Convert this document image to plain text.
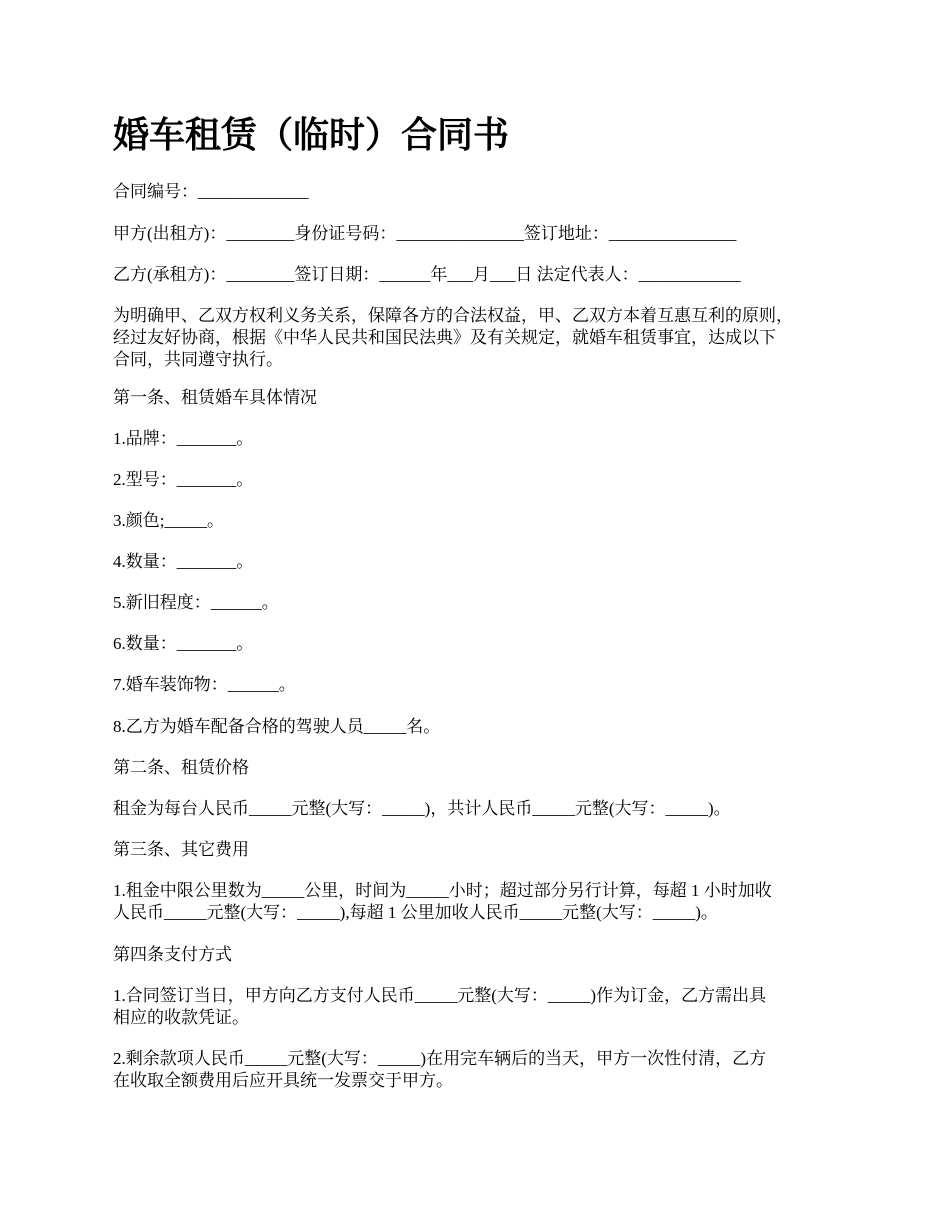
婚车租赁（临时）合同书

合同编号：_____________

甲方(出租方)：________身份证号码：_______________签订地址：_______________

乙方(承租方)：________签订日期：______年___月___日 法定代表人：____________

为明确甲、乙双方权利义务关系，保障各方的合法权益，甲、乙双方本着互惠互利的原则，

经过友好协商，根据《中华人民共和国民法典》及有关规定，就婚车租赁事宜，达成以下

合同，共同遵守执行。

第一条、租赁婚车具体情况

1.品牌：_______。

2.型号：_______。

3.颜色;_____。

4.数量：_______。

5.新旧程度：______。

6.数量：_______。

7.婚车装饰物：______。

8.乙方为婚车配备合格的驾驶人员_____名。

第二条、租赁价格

租金为每台人民币_____元整(大写：_____)，共计人民币_____元整(大写：_____)。

第三条、其它费用

1.租金中限公里数为_____公里，时间为_____小时；超过部分另行计算，每超 1 小时加收

人民币_____元整(大写：_____),每超 1 公里加收人民币_____元整(大写：_____)。

第四条支付方式

1.合同签订当日，甲方向乙方支付人民币_____元整(大写：_____)作为订金，乙方需出具

相应的收款凭证。

2.剩余款项人民币_____元整(大写：_____)在用完车辆后的当天，甲方一次性付清，乙方

在收取全额费用后应开具统一发票交于甲方。
